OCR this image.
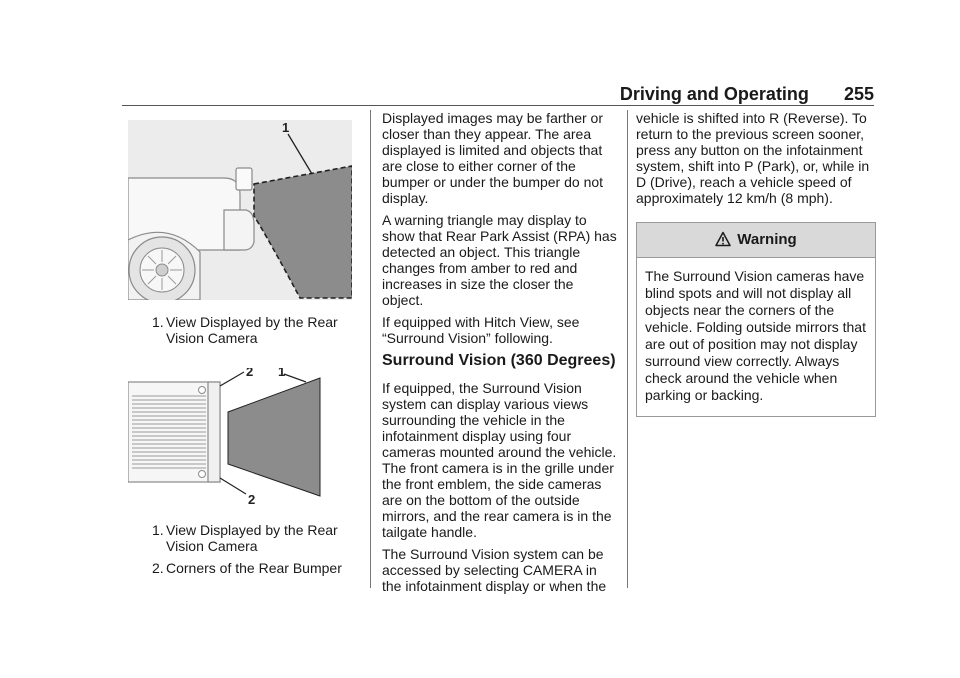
Driving and Operating 255
1
1. View Displayed by the Rear Vision Camera
2 1
2
1. View Displayed by the Rear Vision Camera
2. Corners of the Rear Bumper

Displayed images may be farther or closer than they appear. The area displayed is limited and objects that are close to either corner of the bumper or under the bumper do not display.

A warning triangle may display to show that Rear Park Assist (RPA) has detected an object. This triangle changes from amber to red and increases in size the closer the object.

If equipped with Hitch View, see “Surround Vision” following.

Surround Vision (360 Degrees)

If equipped, the Surround Vision system can display various views surrounding the vehicle in the infotainment display using four cameras mounted around the vehicle. The front camera is in the grille under the front emblem, the side cameras are on the bottom of the outside mirrors, and the rear camera is in the tailgate handle.

The Surround Vision system can be accessed by selecting CAMERA in the infotainment display or when the

vehicle is shifted into R (Reverse). To return to the previous screen sooner, press any button on the infotainment system, shift into P (Park), or, while in D (Drive), reach a vehicle speed of approximately 12 km/h (8 mph).

Warning
The Surround Vision cameras have blind spots and will not display all objects near the corners of the vehicle. Folding outside mirrors that are out of position may not display surround view correctly. Always check around the vehicle when parking or backing.
